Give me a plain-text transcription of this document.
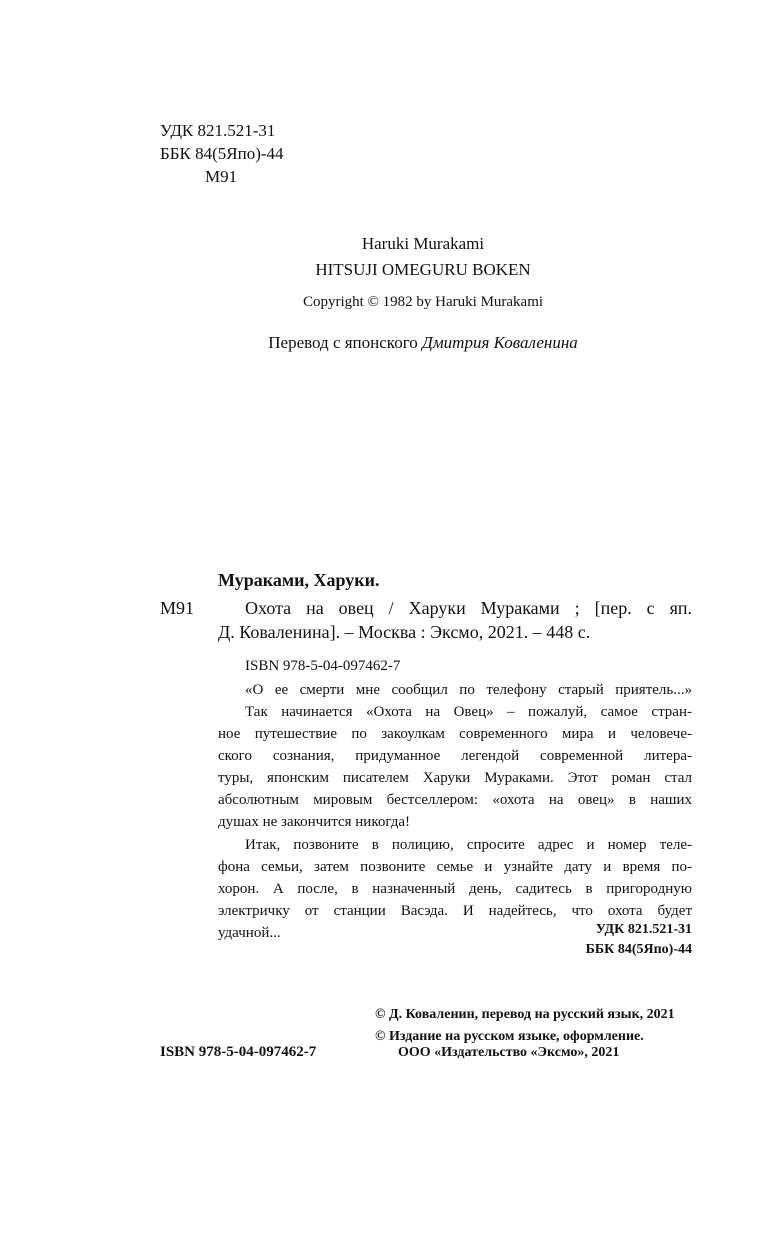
УДК 821.521-31
ББК 84(5Япо)-44
М91
Haruki Murakami
HITSUJI OMEGURU BOKEN
Copyright © 1982 by Haruki Murakami
Перевод с японского Дмитрия Коваленина
Мураками, Харуки.
М91	Охота на овец / Харуки Мураками ; [пер. с яп.
Д. Коваленина]. – Москва : Эксмо, 2021. – 448 с.
ISBN 978-5-04-097462-7
«О ее смерти мне сообщил по телефону старый приятель...»
Так начинается «Охота на Овец» – пожалуй, самое стран-
ное путешествие по закоулкам современного мира и человече-
ского сознания, придуманное легендой современной литера-
туры, японским писателем Харуки Мураками. Этот роман стал
абсолютным мировым бестселлером: «охота на овец» в наших
душах не закончится никогда!
Итак, позвоните в полицию, спросите адрес и номер теле-
фона семьи, затем позвоните семье и узнайте дату и время по-
хорон. А после, в назначенный день, садитесь в пригородную
электричку от станции Васэда. И надейтесь, что охота будет
удачной...	УДК 821.521-31
ББК 84(5Япо)-44
© Д. Коваленин, перевод на русский язык, 2021
© Издание на русском языке, оформление.
ООО «Издательство «Эксмо», 2021
ISBN 978-5-04-097462-7
